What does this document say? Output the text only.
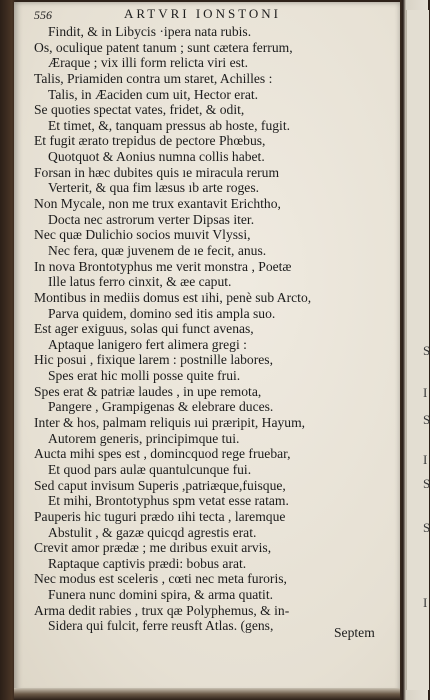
S
I
S
I
S
S
I
556	ARTVRI IONSTONI
Findit, & in Libycis ·ipera nata rubis.
Os, oculique patent tanum ; sunt cætera ferrum,
Æraque ; vix illi form relicta viri est.
Talis, Priamiden contra um staret, Achilles :
Talis, in Æaciden cum uit, Hector erat.
Se quoties spectat vates, fridet, & odit,
Et timet, &, tanquam pressus ab hoste, fugit.
Et fugit ærato trepidus de pectore Phœbus,
Quotquot & Aonius numna collis habet.
Forsan in hæc dubites quis ıe miracula rerum
Verterit, & qua fim læsus ıb arte roges.
Non Mycale, non me trux exantavit Erichtho,
Docta nec astrorum verter Dipsas iter.
Nec quæ Dulichio socios muıvit Vlyssi,
Nec fera, quæ juvenem de ıe fecit, anus.
In nova Brontotyphus me verit monstra , Poetæ
Ille latus ferro cinxit, & æe caput.
Montibus in mediis domus est ıihi, penè sub Arcto,
Parva quidem, domino sed itis ampla suo.
Est ager exiguus, solas qui funct avenas,
Aptaque lanigero fert alimera gregi :
Hic posui , fixique larem : postnille labores,
Spes erat hic molli posse quite frui.
Spes erat & patriæ laudes , in upe remota,
Pangere , Grampigenas & elebrare duces.
Inter & hos, palmam reliquis ıui præripit, Hayum,
Autorem generis, principimque tui.
Aucta mihi spes est , domincquod rege fruebar,
Et quod pars aulæ quantulcunque fui.
Sed caput invisum Superis ,patriæque,fuisque,
Et mihi, Brontotyphus spm vetat esse ratam.
Pauperis hic tuguri prædo ıihi tecta , laremque
Abstulit , & gazæ quicqd agrestis erat.
Crevit amor prædæ ; me dıribus exuit arvis,
Raptaque captivis prædi: bobus arat.
Nec modus est sceleris , cœti nec meta furoris,
Funera nunc domini spira, & arma quatit.
Arma dedit rabies , trux qæ Polyphemus, & in-
Sidera qui fulcit, ferre reusft Atlas. (gens,	Septem
